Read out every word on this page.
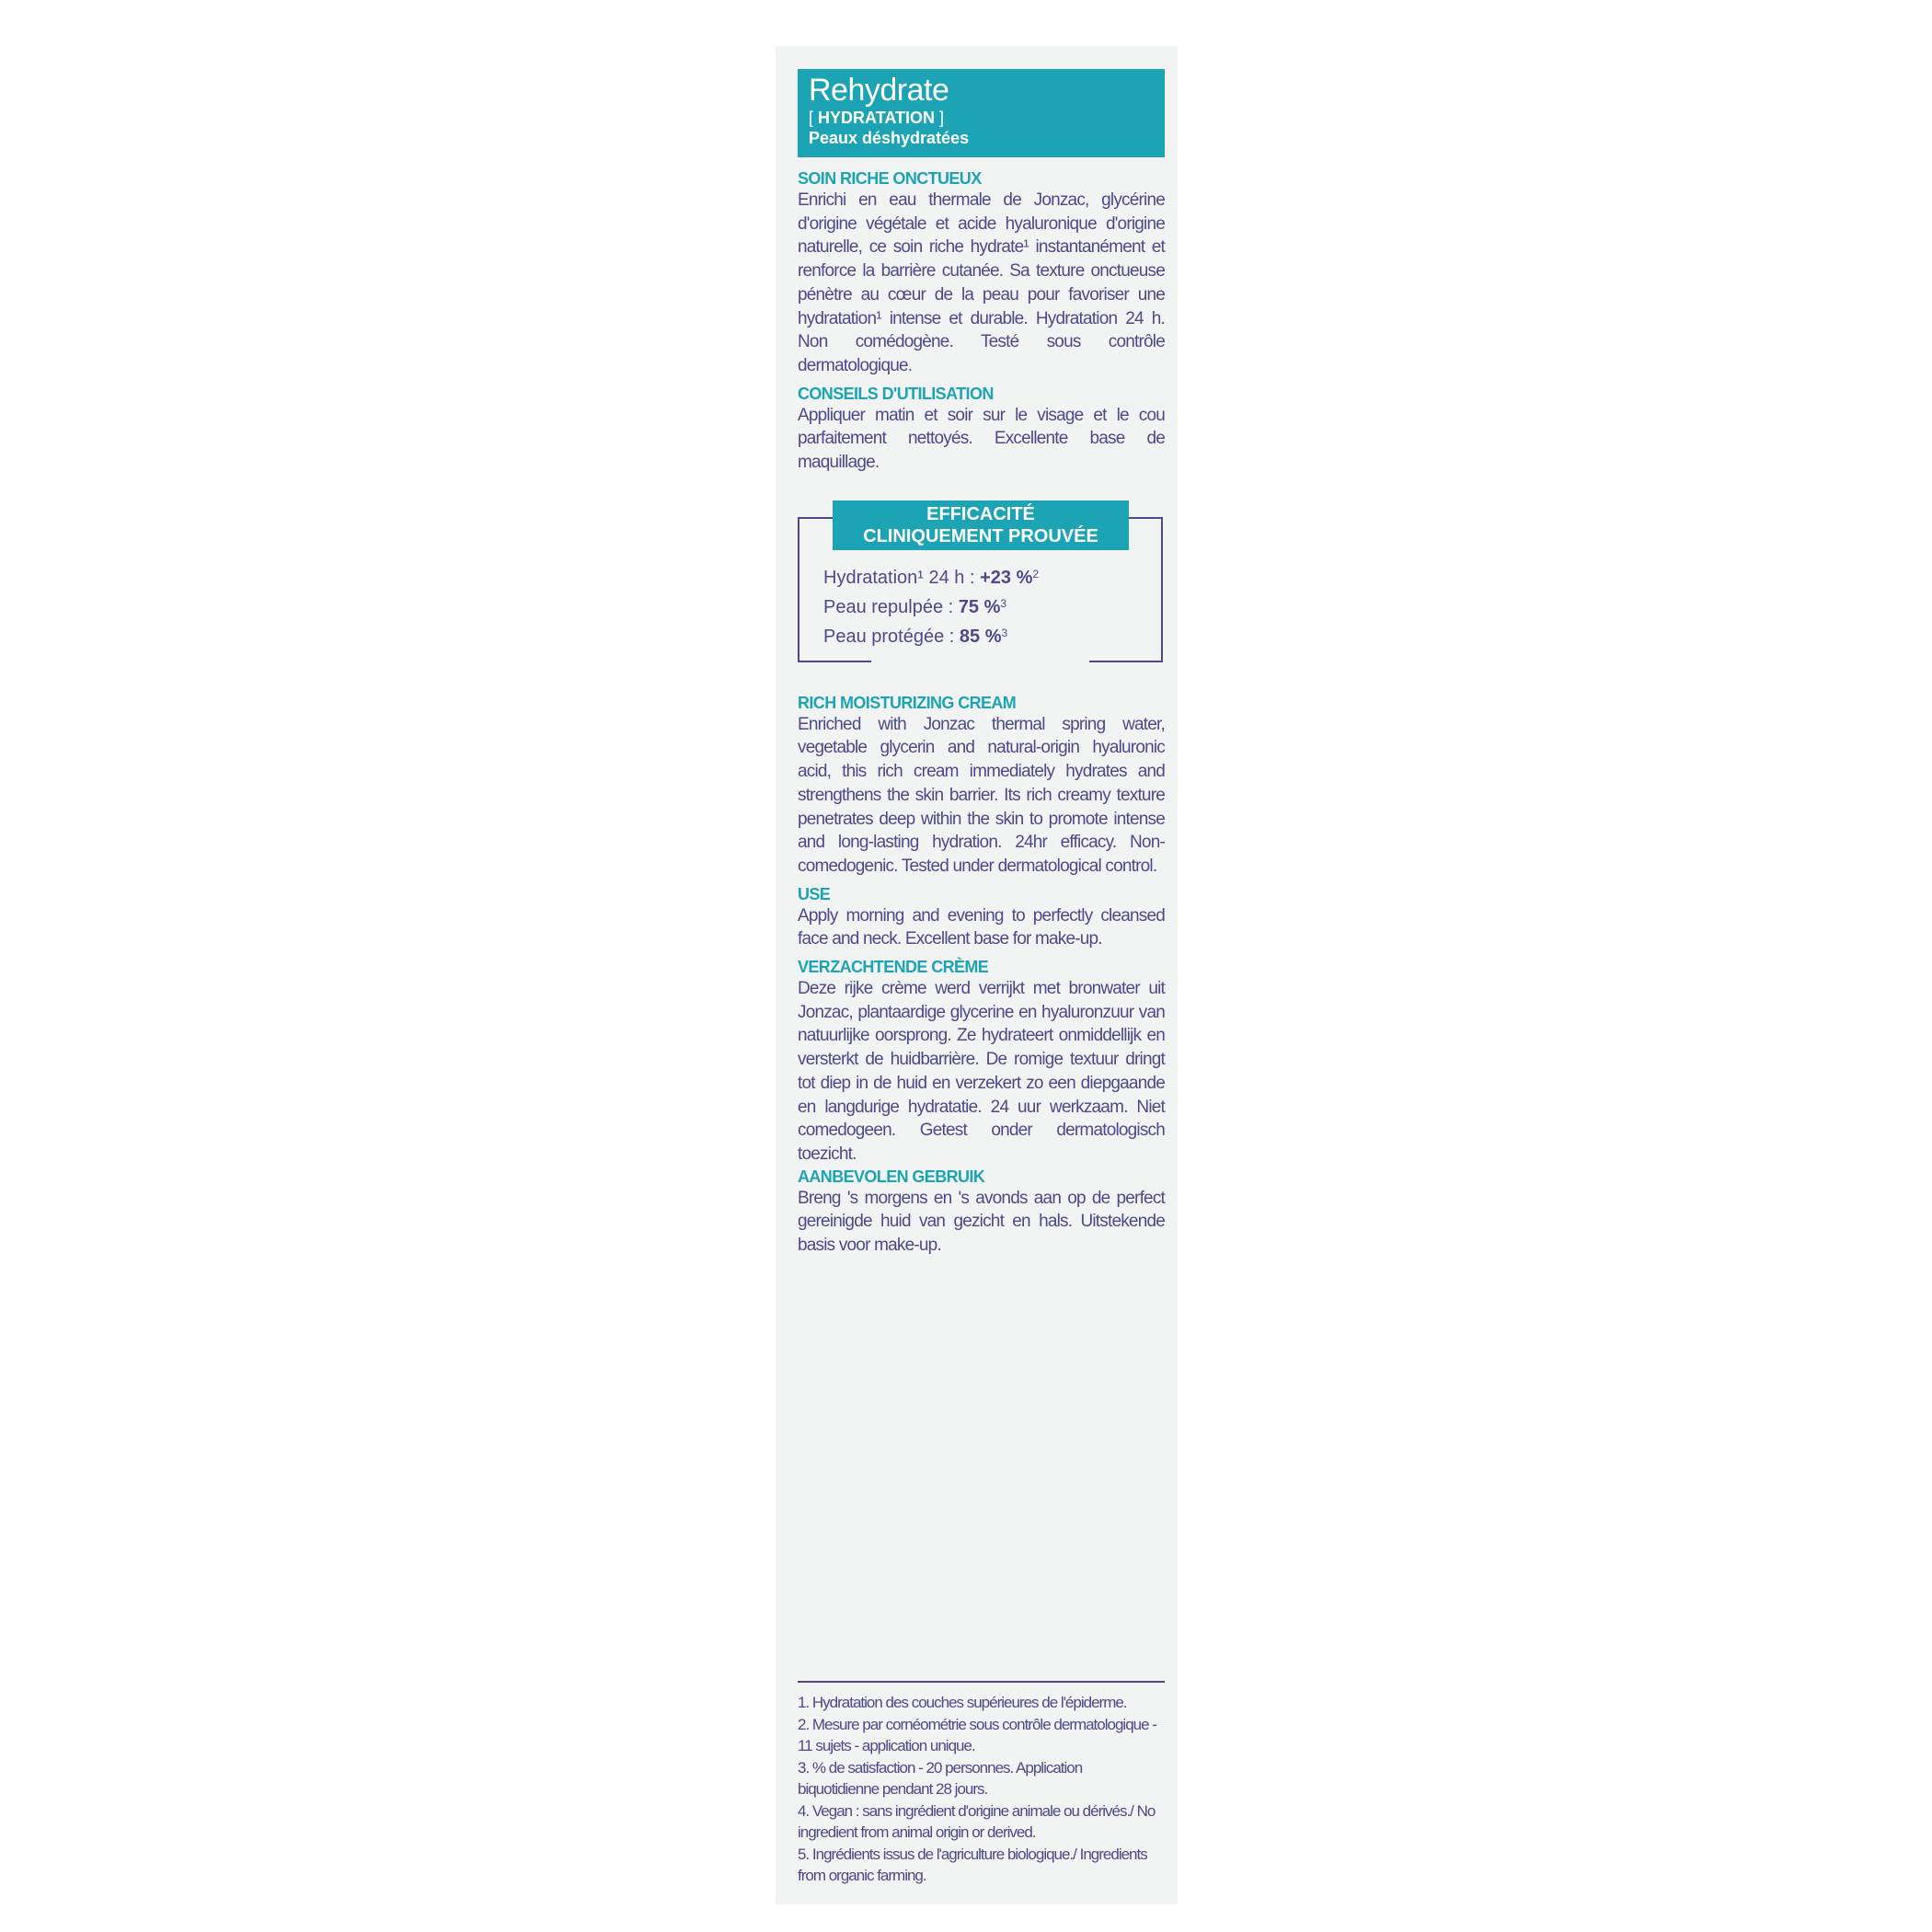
Rehydrate
[ HYDRATATION ]
Peaux déshydratées

SOIN RICHE ONCTUEUX

Enrichi en eau thermale de Jonzac, glycérine d'origine végétale et acide hyaluronique d'origine naturelle, ce soin riche hydrate¹ instantanément et renforce la barrière cutanée. Sa texture onctueuse pénètre au cœur de la peau pour favoriser une hydratation¹ intense et durable. Hydratation 24 h. Non comédogène. Testé sous contrôle dermatologique.

CONSEILS D'UTILISATION

Appliquer matin et soir sur le visage et le cou parfaitement nettoyés. Excellente base de maquillage.

EFFICACITÉ
CLINIQUEMENT PROUVÉE
Hydratation¹ 24 h : +23 %$^2$
Peau repulpée : 75 %$^3$
Peau protégée : 85 %$^3$

RICH MOISTURIZING CREAM

Enriched with Jonzac thermal spring water, vegetable glycerin and natural-origin hyaluronic acid, this rich cream immediately hydrates and strengthens the skin barrier. Its rich creamy texture penetrates deep within the skin to promote intense and long-lasting hydration. 24hr efficacy. Non-comedogenic. Tested under dermatological control.

USE

Apply morning and evening to perfectly cleansed face and neck. Excellent base for make-up.

VERZACHTENDE CRÈME

Deze rijke crème werd verrijkt met bronwater uit Jonzac, plantaardige glycerine en hyaluronzuur van natuurlijke oorsprong. Ze hydrateert onmiddellijk en versterkt de huidbarrière. De romige textuur dringt tot diep in de huid en verzekert zo een diepgaande en langdurige hydratatie. 24 uur werkzaam. Niet comedogeen. Getest onder dermatologisch toezicht.

AANBEVOLEN GEBRUIK

Breng 's morgens en 's avonds aan op de perfect gereinigde huid van gezicht en hals. Uitstekende basis voor make-up.

1. Hydratation des couches supérieures de l'épiderme.

2. Mesure par cornéométrie sous contrôle dermatologique - 11 sujets - application unique.

3. % de satisfaction - 20 personnes. Application biquotidienne pendant 28 jours.

4. Vegan : sans ingrédient d'origine animale ou dérivés./ No ingredient from animal origin or derived.

5. Ingrédients issus de l'agriculture biologique./ Ingredients from organic farming.
